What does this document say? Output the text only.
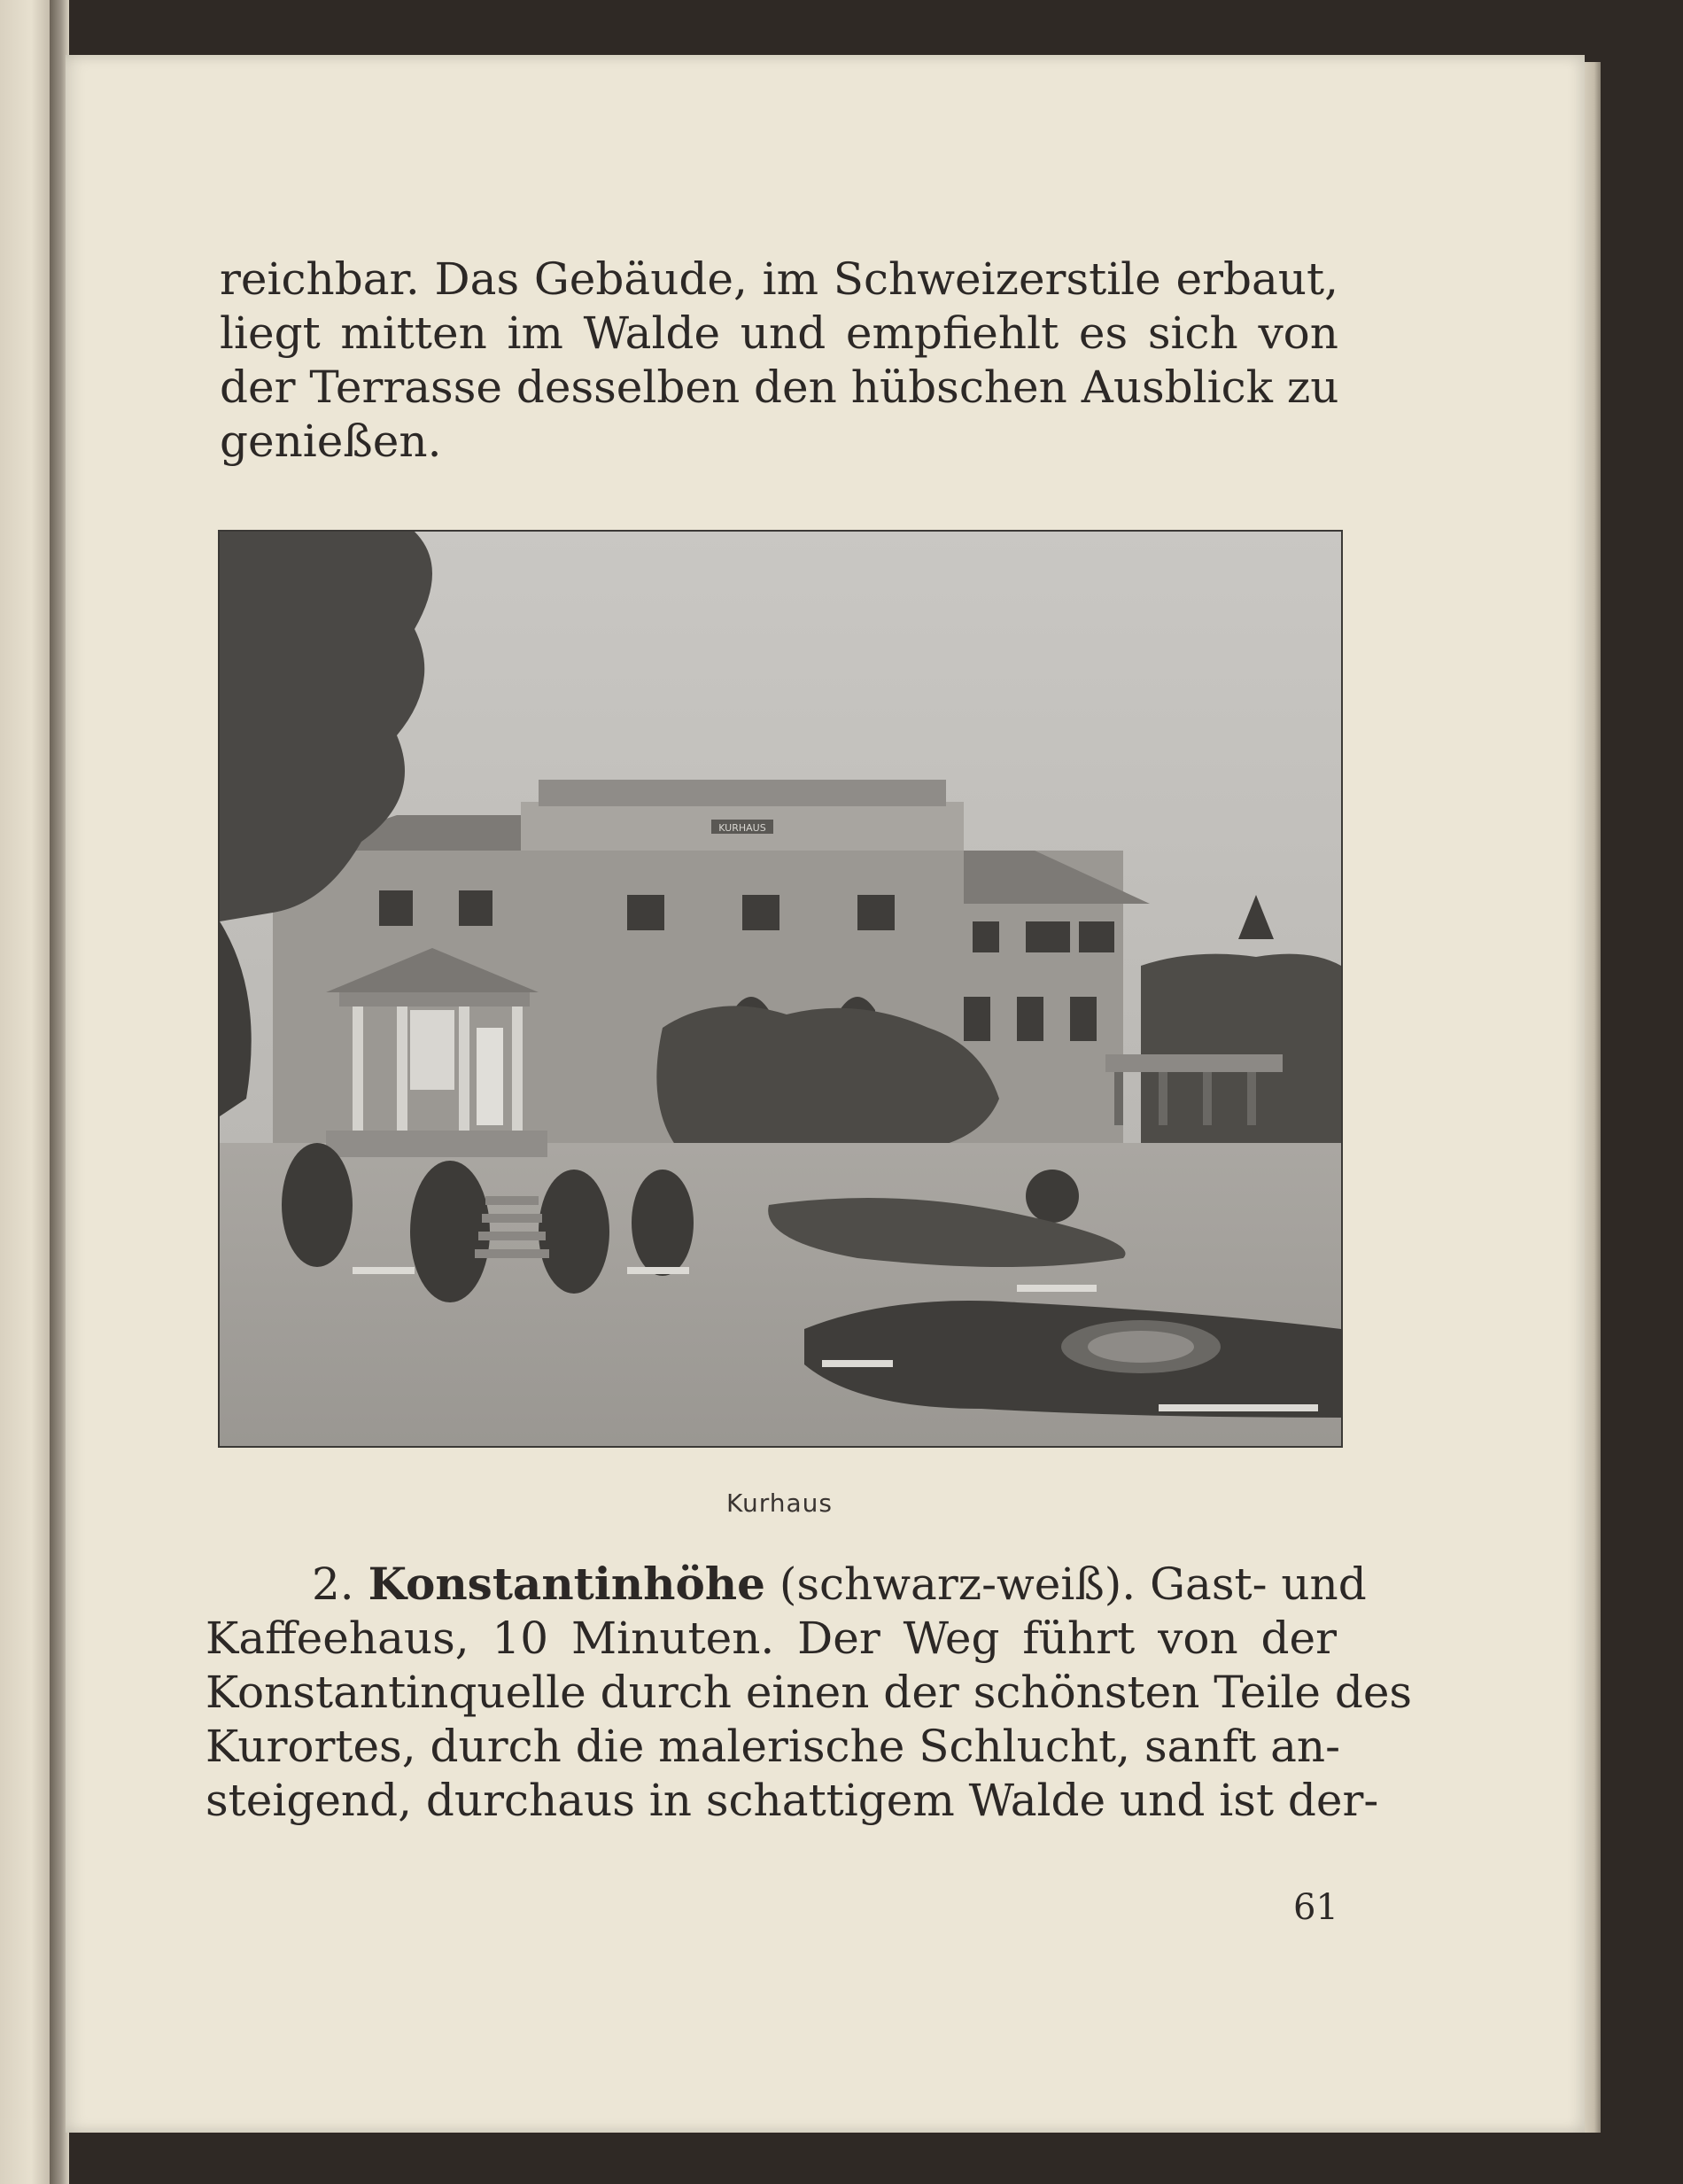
reichbar. Das Gebäude, im Schweizerstile erbaut,
liegt mitten im Walde und empfiehlt es sich von
der Terrasse desselben den hübschen Ausblick zu
genießen.
KURHAUS
Kurhaus
2. Konstantinhöhe (schwarz-weiß). Gast- und
Kaffeehaus, 10 Minuten. Der Weg führt von der
Konstantinquelle durch einen der schönsten Teile des
Kurortes, durch die malerische Schlucht, sanft an-
steigend, durchaus in schattigem Walde und ist der-
61
